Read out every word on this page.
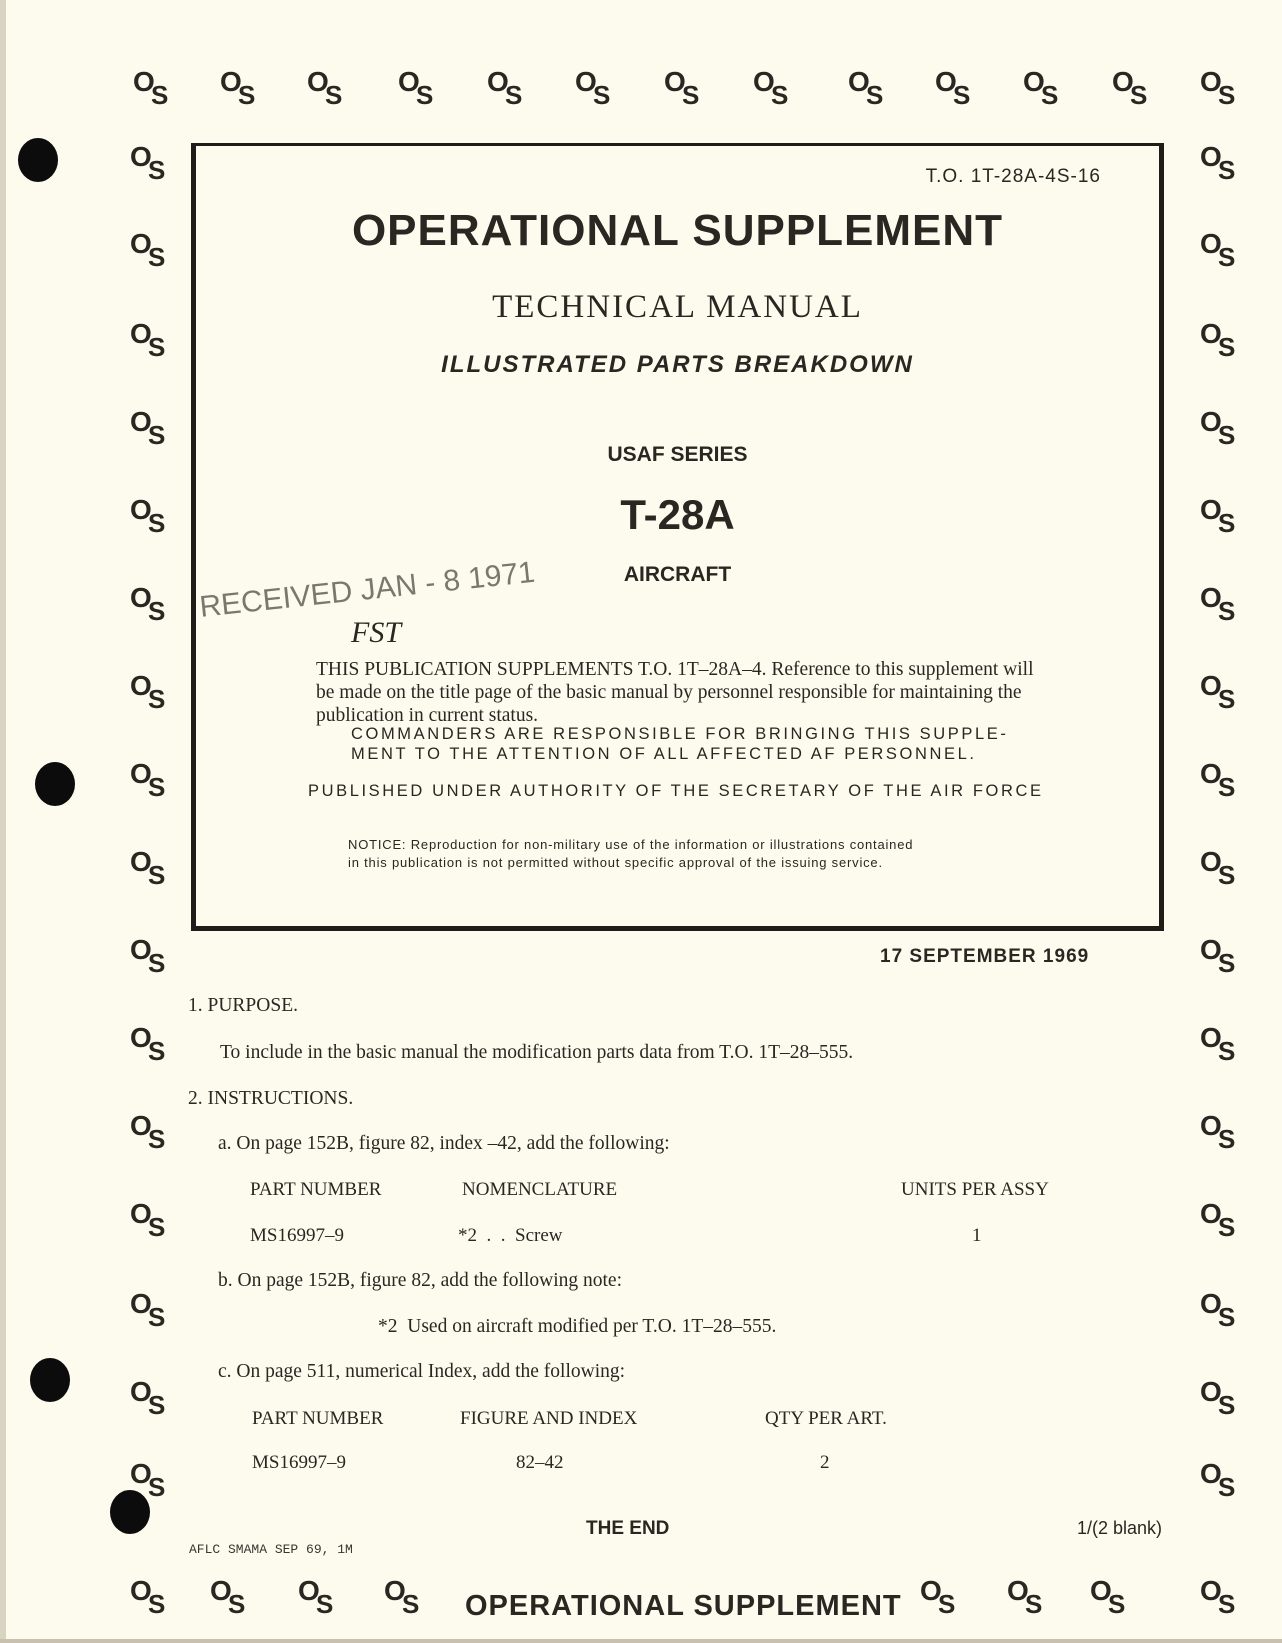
O
S O
S O
S O
S O
S O
S O
S O
S O
S O
S O
S O
S O
S
O
S
O
S
O
S
O
S
O
S
O
S
O
S
O
S
O
S
O
S
O
S
O
S
O
S
O
S
O
S
O
S
O
S
O
S
O
S
O
S
O
S
O
S
O
S
O
S
O
S
O
S
O
S
O
S
O
S
O
S
O
S
O
S
O
S O
S O
S O
S	O
S O
S O
S	O
S
T.O. 1T-28A-4S-16
OPERATIONAL SUPPLEMENT
TECHNICAL MANUAL
ILLUSTRATED PARTS BREAKDOWN
USAF SERIES
T-28A
AIRCRAFT
RECEIVED JAN - 8 1971
FST
THIS PUBLICATION SUPPLEMENTS T.O. 1T–28A–4. Reference to this supplement will be made on the title page of the basic manual by personnel responsible for maintaining the publication in current status.
COMMANDERS ARE RESPONSIBLE FOR BRINGING THIS SUPPLE-
MENT TO THE ATTENTION OF ALL AFFECTED AF PERSONNEL.
PUBLISHED UNDER AUTHORITY OF THE SECRETARY OF THE AIR FORCE
NOTICE: Reproduction for non-military use of the information or illustrations contained
in this publication is not permitted without specific approval of the issuing service.
17 SEPTEMBER 1969
1. PURPOSE.
To include in the basic manual the modification parts data from T.O. 1T–28–555.
2. INSTRUCTIONS.
a. On page 152B, figure 82, index –42, add the following:
PART NUMBER	NOMENCLATURE	UNITS PER ASSY
MS16997–9	*2  .  .  Screw	1
b. On page 152B, figure 82, add the following note:
*2  Used on aircraft modified per T.O. 1T–28–555.
c. On page 511, numerical Index, add the following:
PART NUMBER	FIGURE AND INDEX	QTY PER ART.
MS16997–9	82–42	2
THE END	1/(2 blank)
AFLC SMAMA SEP 69, 1M
OPERATIONAL SUPPLEMENT
